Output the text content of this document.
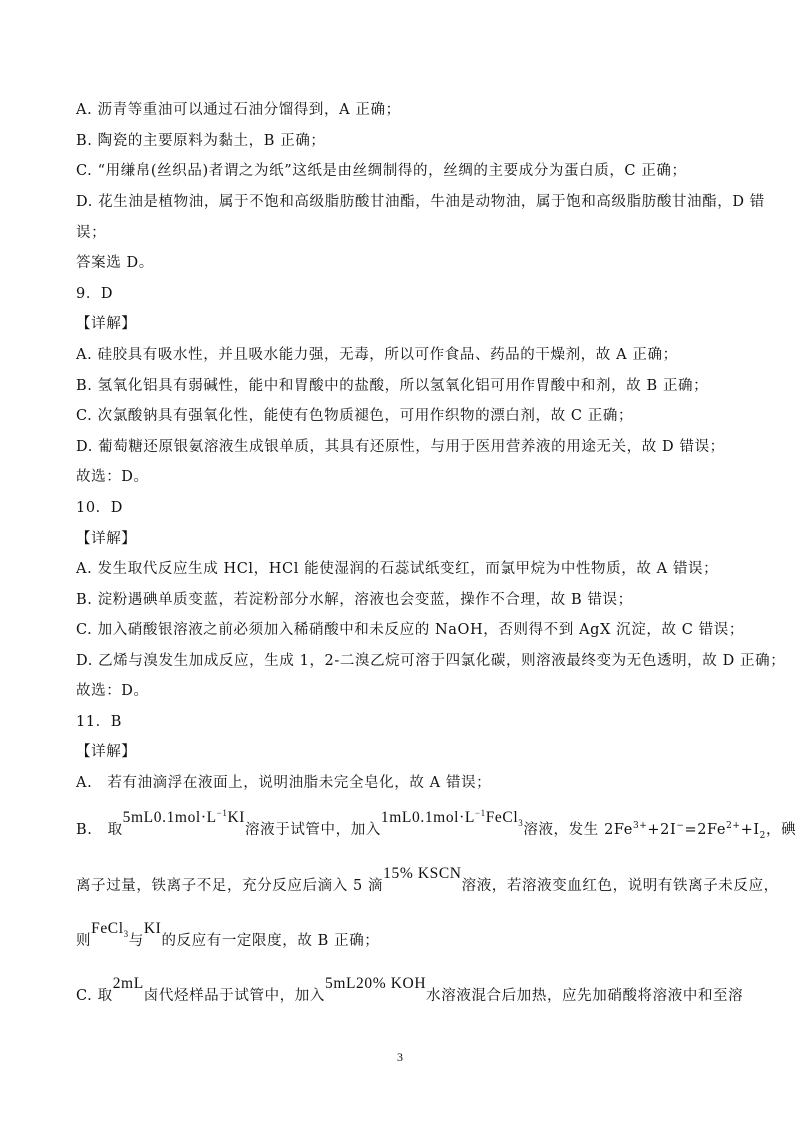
A. 沥青等重油可以通过石油分馏得到，A 正确；
B. 陶瓷的主要原料为黏土，B 正确；
C. “用缣帛(丝织品)者谓之为纸”这纸是由丝绸制得的，丝绸的主要成分为蛋白质，C 正确；
D. 花生油是植物油，属于不饱和高级脂肪酸甘油酯，牛油是动物油，属于饱和高级脂肪酸甘油酯，D 错
误；
答案选 D。
9．D
【详解】
A. 硅胶具有吸水性，并且吸水能力强，无毒，所以可作食品、药品的干燥剂，故 A 正确；
B. 氢氧化铝具有弱碱性，能中和胃酸中的盐酸，所以氢氧化铝可用作胃酸中和剂，故 B 正确；
C. 次氯酸钠具有强氧化性，能使有色物质褪色，可用作织物的漂白剂，故 C 正确；
D. 葡萄糖还原银氨溶液生成银单质，其具有还原性，与用于医用营养液的用途无关，故 D 错误；
故选：D。
10．D
【详解】
A. 发生取代反应生成 HCl，HCl 能使湿润的石蕊试纸变红，而氯甲烷为中性物质，故 A 错误；
B. 淀粉遇碘单质变蓝，若淀粉部分水解，溶液也会变蓝，操作不合理，故 B 错误；
C. 加入硝酸银溶液之前必须加入稀硝酸中和未反应的 NaOH，否则得不到 AgX 沉淀，故 C 错误；
D. 乙烯与溴发生加成反应，生成 1，2-二溴乙烷可溶于四氯化碳，则溶液最终变为无色透明，故 D 正确；
故选：D。
11．B
【详解】
A.　若有油滴浮在液面上，说明油脂未完全皂化，故 A 错误；
B.　取$5mL0.1mol\cdot L^{-1}KI$溶液于试管中，加入$1mL0.1mol\cdot L^{-1}FeCl_3$溶液，发生 $2Fe^{3+}+2I^-=2Fe^{2+}+I_2$，碘
离子过量，铁离子不足，充分反应后滴入 5 滴15% KSCN溶液，若溶液变血红色，说明有铁离子未反应，
则FeCl$_3$与KI的反应有一定限度，故 B 正确；
C. 取2mL卤代烃样品于试管中，加入5mL20% KOH水溶液混合后加热，应先加硝酸将溶液中和至溶
3
